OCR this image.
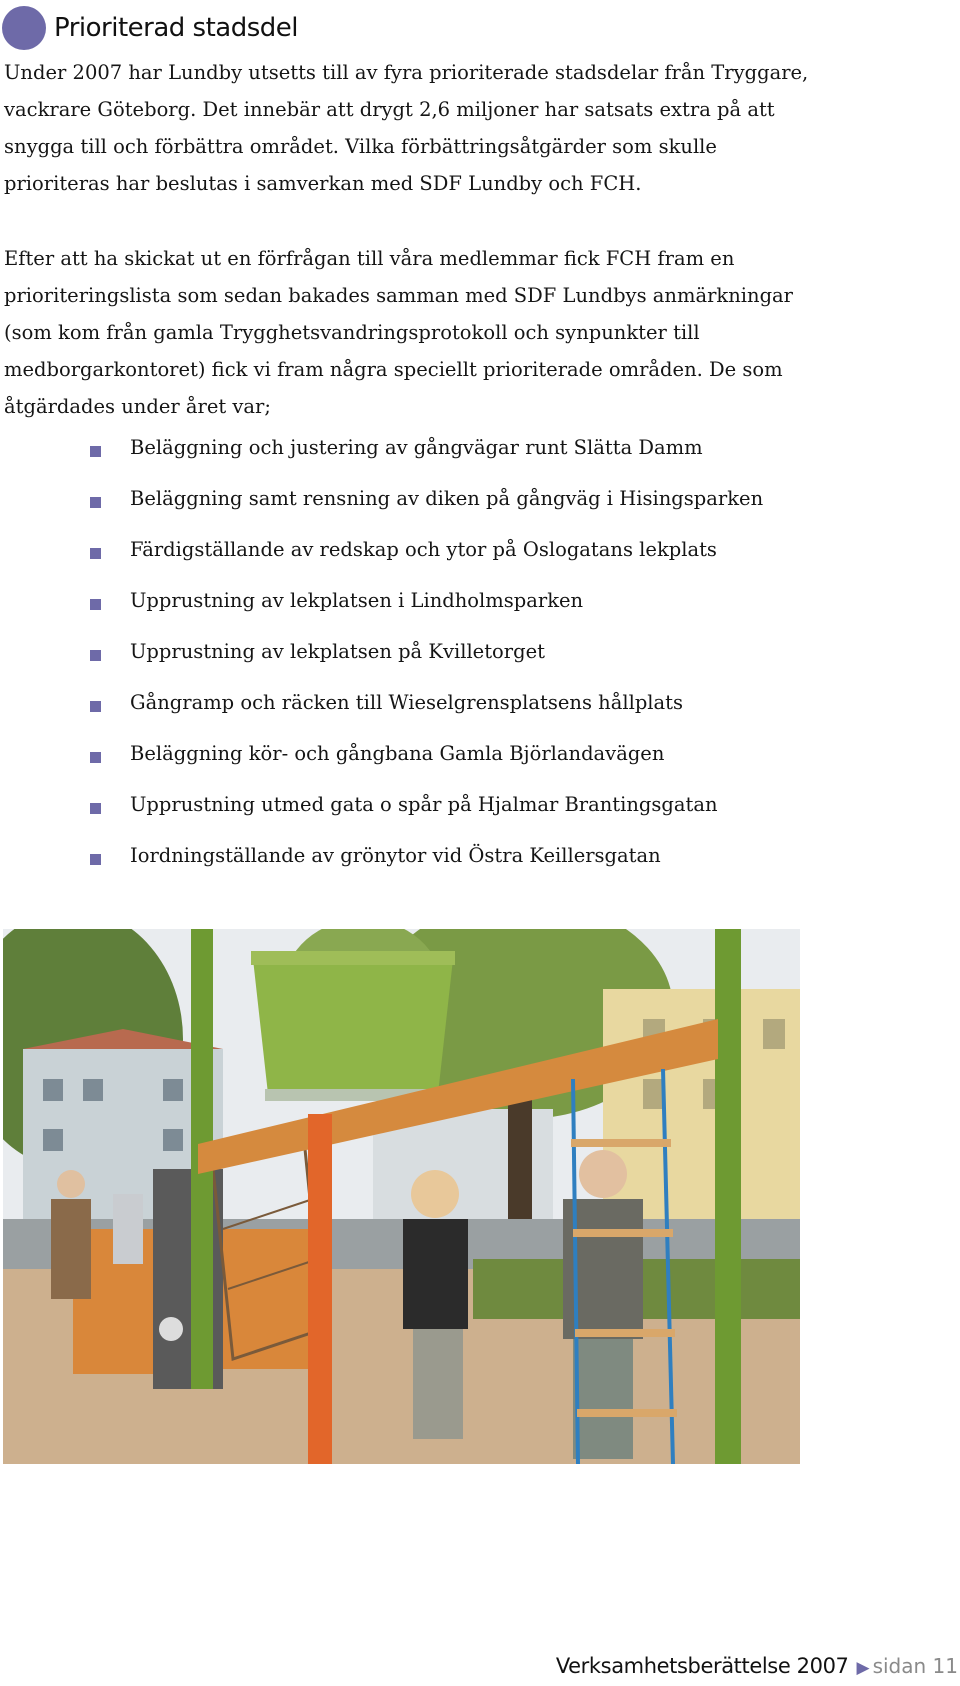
Prioriterad stadsdel

Under 2007 har Lundby utsetts till av fyra prioriterade stadsdelar från Tryggare, vackrare Göteborg. Det innebär att drygt 2,6 miljoner har satsats extra på att snygga till och förbättra området. Vilka förbättringsåtgärder som skulle prioriteras har beslutas i samverkan med SDF Lundby och FCH.

Efter att ha skickat ut en förfrågan till våra medlemmar fick FCH fram en prioriteringslista som sedan bakades samman med SDF Lundbys anmärkningar (som kom från gamla Trygghetsvandringsprotokoll och synpunkter till medborgarkontoret) fick vi fram några speciellt prioriterade områden. De som åtgärdades under året var;

Beläggning och justering av gångvägar runt Slätta Damm
Beläggning samt rensning av diken på gångväg i Hisingsparken
Färdigställande av redskap och ytor på Oslogatans lekplats
Upprustning av lekplatsen i Lindholmsparken
Upprustning av lekplatsen på Kvilletorget
Gångramp och räcken till Wieselgrensplatsens hållplats
Beläggning kör- och gångbana Gamla Björlandavägen
Upprustning utmed gata o spår på Hjalmar Brantingsgatan
Iordningställande av grönytor vid Östra Keillersgatan
Verksamhetsberättelse 2007 ▶ sidan 11
